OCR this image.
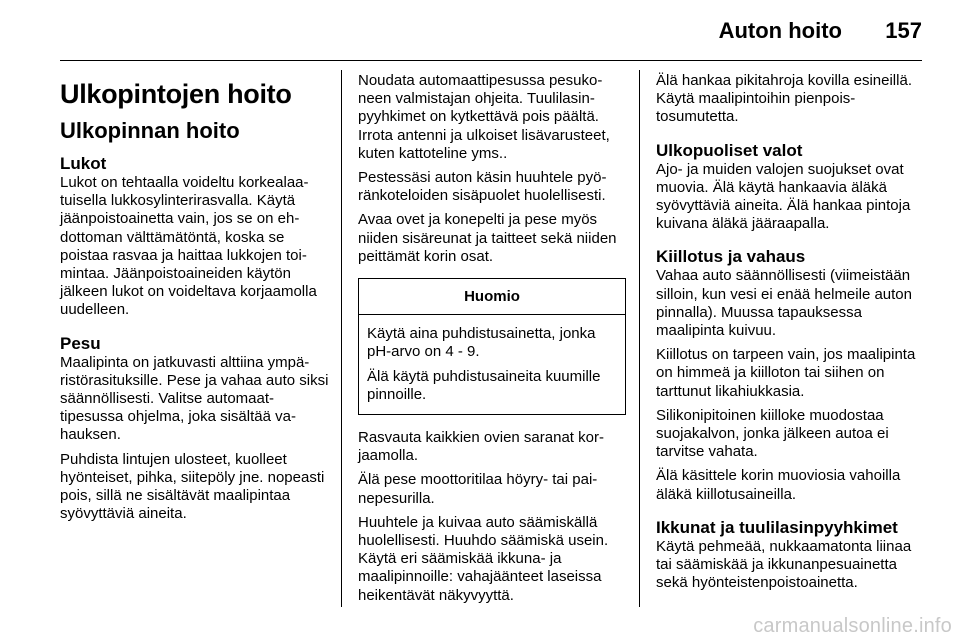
Auton hoito 157
Ulkopintojen hoito
Ulkopinnan hoito
Lukot

Lukot on tehtaalla voideltu korkealaatuisella lukkosylinterirasvalla. Käytä jäänpoistoainetta vain, jos se on ehdottoman välttämätöntä, koska se poistaa rasvaa ja haittaa lukkojen toimintaa. Jäänpoistoaineiden käytön jälkeen lukot on voideltava korjaamolla uudelleen.

Pesu

Maalipinta on jatkuvasti alttiina ympäristörasituksille. Pese ja vahaa auto siksi säännöllisesti. Valitse automaattipesussa ohjelma, joka sisältää vahauksen.

Puhdista lintujen ulosteet, kuolleet hyönteiset, pihka, siitepöly jne. nopeasti pois, sillä ne sisältävät maalipintaa syövyttäviä aineita.

Noudata automaattipesussa pesukoneen valmistajan ohjeita. Tuulilasinpyyhkimet on kytkettävä pois päältä. Irrota antenni ja ulkoiset lisävarusteet, kuten kattoteline yms..

Pestessäsi auton käsin huuhtele pyöränkoteloiden sisäpuolet huolellisesti.

Avaa ovet ja konepelti ja pese myös niiden sisäreunat ja taitteet sekä niiden peittämät korin osat.

Huomio

Käytä aina puhdistusainetta, jonka pH-arvo on 4 - 9.

Älä käytä puhdistusaineita kuumille pinnoille.

Rasvauta kaikkien ovien saranat korjaamolla.

Älä pese moottoritilaa höyry- tai painepesurilla.

Huuhtele ja kuivaa auto säämiskällä huolellisesti. Huuhdo säämiskä usein. Käytä eri säämiskää ikkuna- ja maalipinnoille: vahajäänteet laseissa heikentävät näkyvyyttä.

Älä hankaa pikitahroja kovilla esineillä. Käytä maalipintoihin pienpoistosumutetta.

Ulkopuoliset valot

Ajo- ja muiden valojen suojukset ovat muovia. Älä käytä hankaavia äläkä syövyttäviä aineita. Älä hankaa pintoja kuivana äläkä jääraapalla.

Kiillotus ja vahaus

Vahaa auto säännöllisesti (viimeistään silloin, kun vesi ei enää helmeile auton pinnalla). Muussa tapauksessa maalipinta kuivuu.

Kiillotus on tarpeen vain, jos maalipinta on himmeä ja kiilloton tai siihen on tarttunut likahiukkasia.

Silikonipitoinen kiilloke muodostaa suojakalvon, jonka jälkeen autoa ei tarvitse vahata.

Älä käsittele korin muoviosia vahoilla äläkä kiillotusaineilla.

Ikkunat ja tuulilasinpyyhkimet

Käytä pehmeää, nukkaamatonta liinaa tai säämiskää ja ikkunanpesuainetta sekä hyönteistenpoistoainetta.

carmanualsonline.info
